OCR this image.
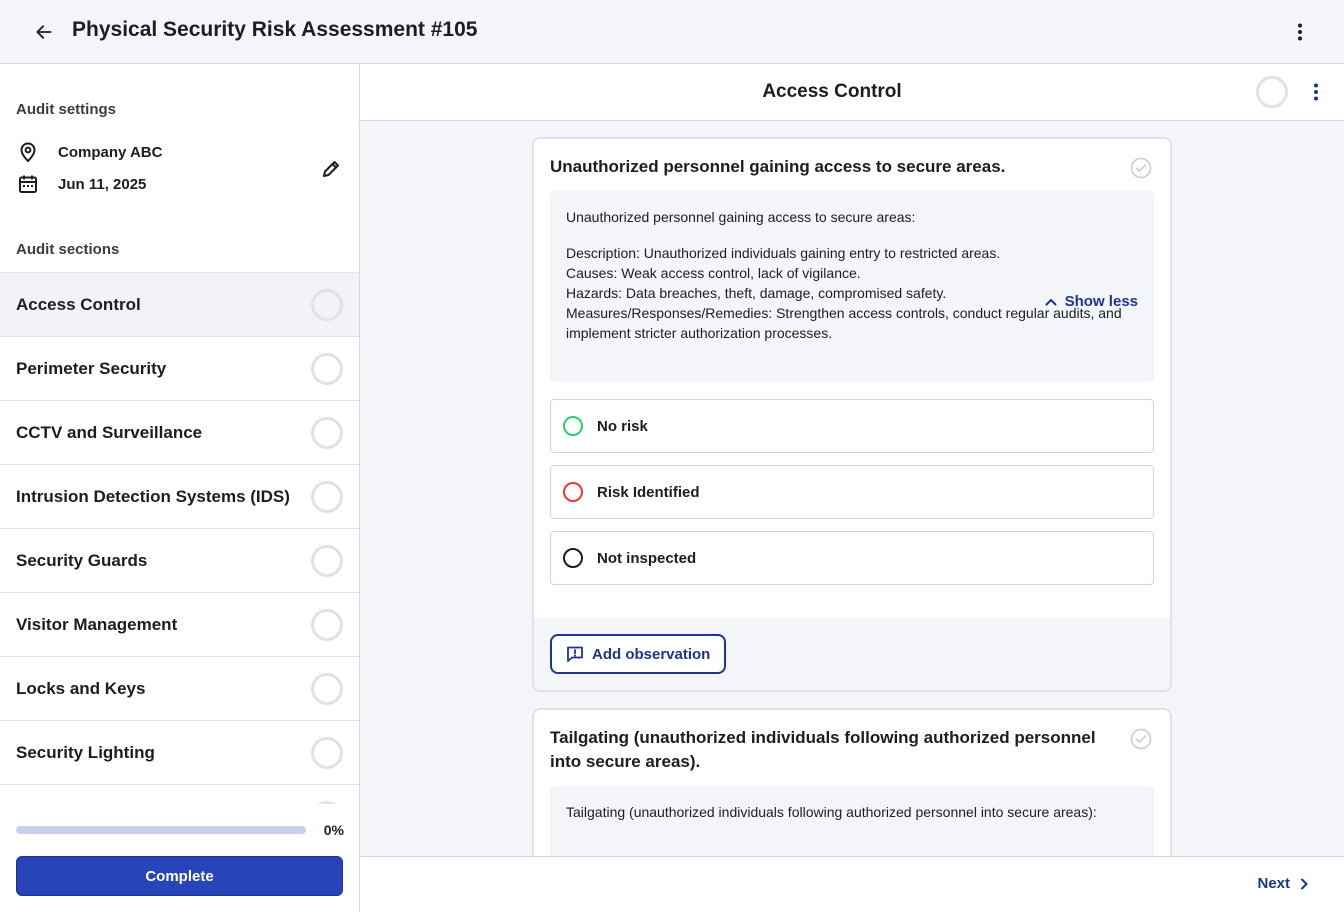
Physical Security Risk Assessment #105
Audit settings
Company ABC
Jun 11, 2025
Audit sections
Access Control
Perimeter Security
CCTV and Surveillance
Intrusion Detection Systems (IDS)
Security Guards
Visitor Management
Locks and Keys
Security Lighting
0%
Complete
Access Control
Unauthorized personnel gaining access to secure areas.

Unauthorized personnel gaining access to secure areas:

Description: Unauthorized individuals gaining entry to restricted areas.

Causes: Weak access control, lack of vigilance.

Hazards: Data breaches, theft, damage, compromised safety.

Measures/Responses/Remedies: Strengthen access controls, conduct regular audits, and implement stricter authorization processes.

Show less
No risk
Risk Identified
Not inspected
Add observation
Tailgating (unauthorized individuals following authorized personnel into secure areas).

Tailgating (unauthorized individuals following authorized personnel into secure areas):

Next
